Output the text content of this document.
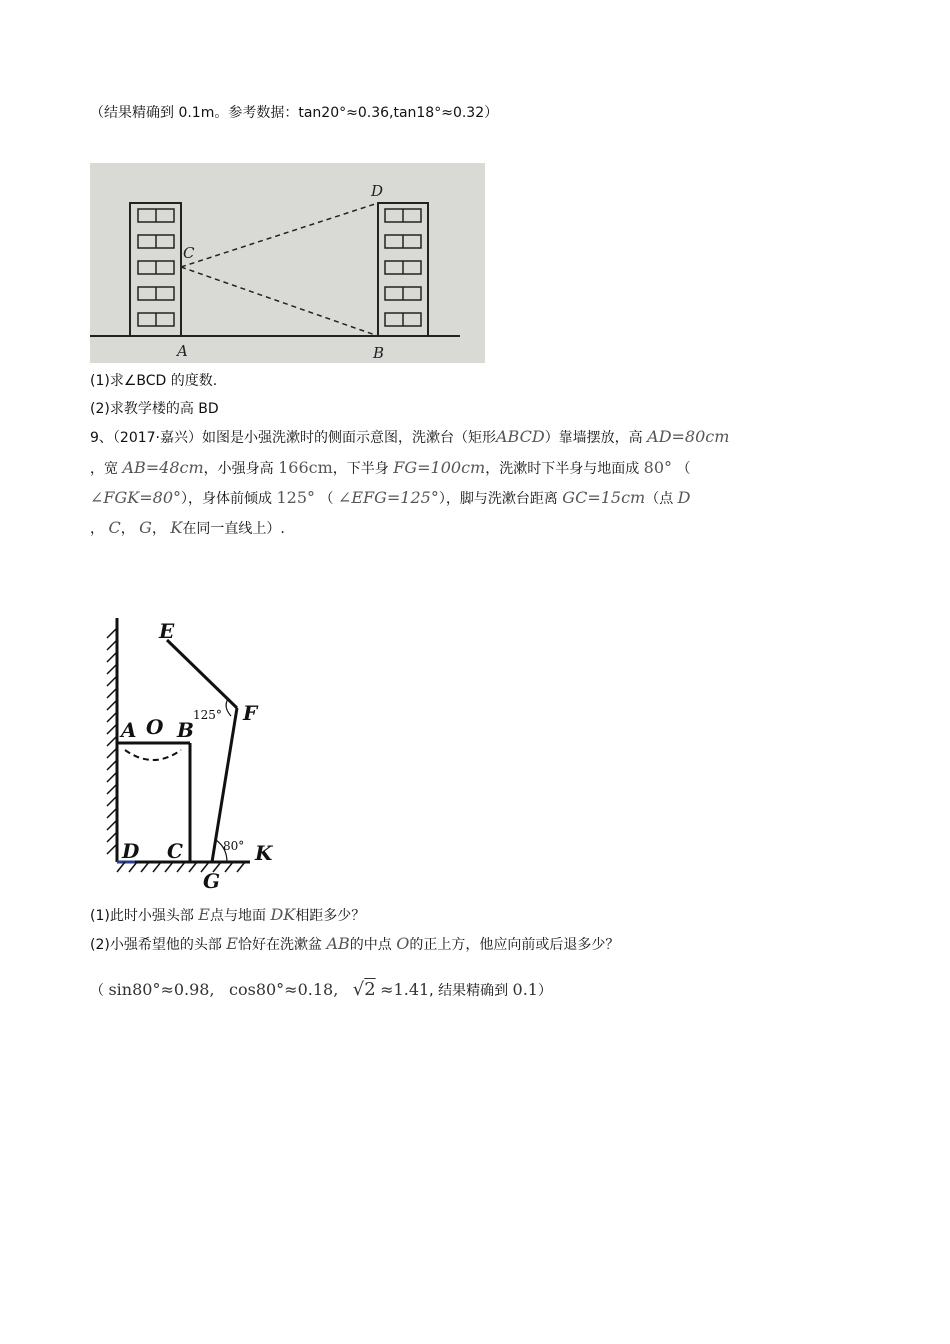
（结果精确到 0.1m。参考数据：tan20°≈0.36,tan18°≈0.32）
D
C
A	B
(1)求∠BCD 的度数.
(2)求教学楼的高 BD
9、（2017·嘉兴）如图是小强洗漱时的侧面示意图，洗漱台（矩形ABCD）靠墙摆放，高 AD=80cm
，宽 AB=48cm，小强身高 166cm，下半身 FG=100cm，洗漱时下半身与地面成 80° （
∠FGK=80°），身体前倾成 125° （ ∠EFG=125°），脚与洗漱台距离 GC=15cm（点 D
， C， G， K在同一直线上）.
E
F
A O B
D C	K
G
125°
80°
(1)此时小强头部 E点与地面 DK相距多少？
(2)小强希望他的头部 E恰好在洗漱盆 AB的中点 O的正上方，他应向前或后退多少？
（ sin80°≈0.98, cos80°≈0.18, √2 ≈1.41, 结果精确到 0.1）
